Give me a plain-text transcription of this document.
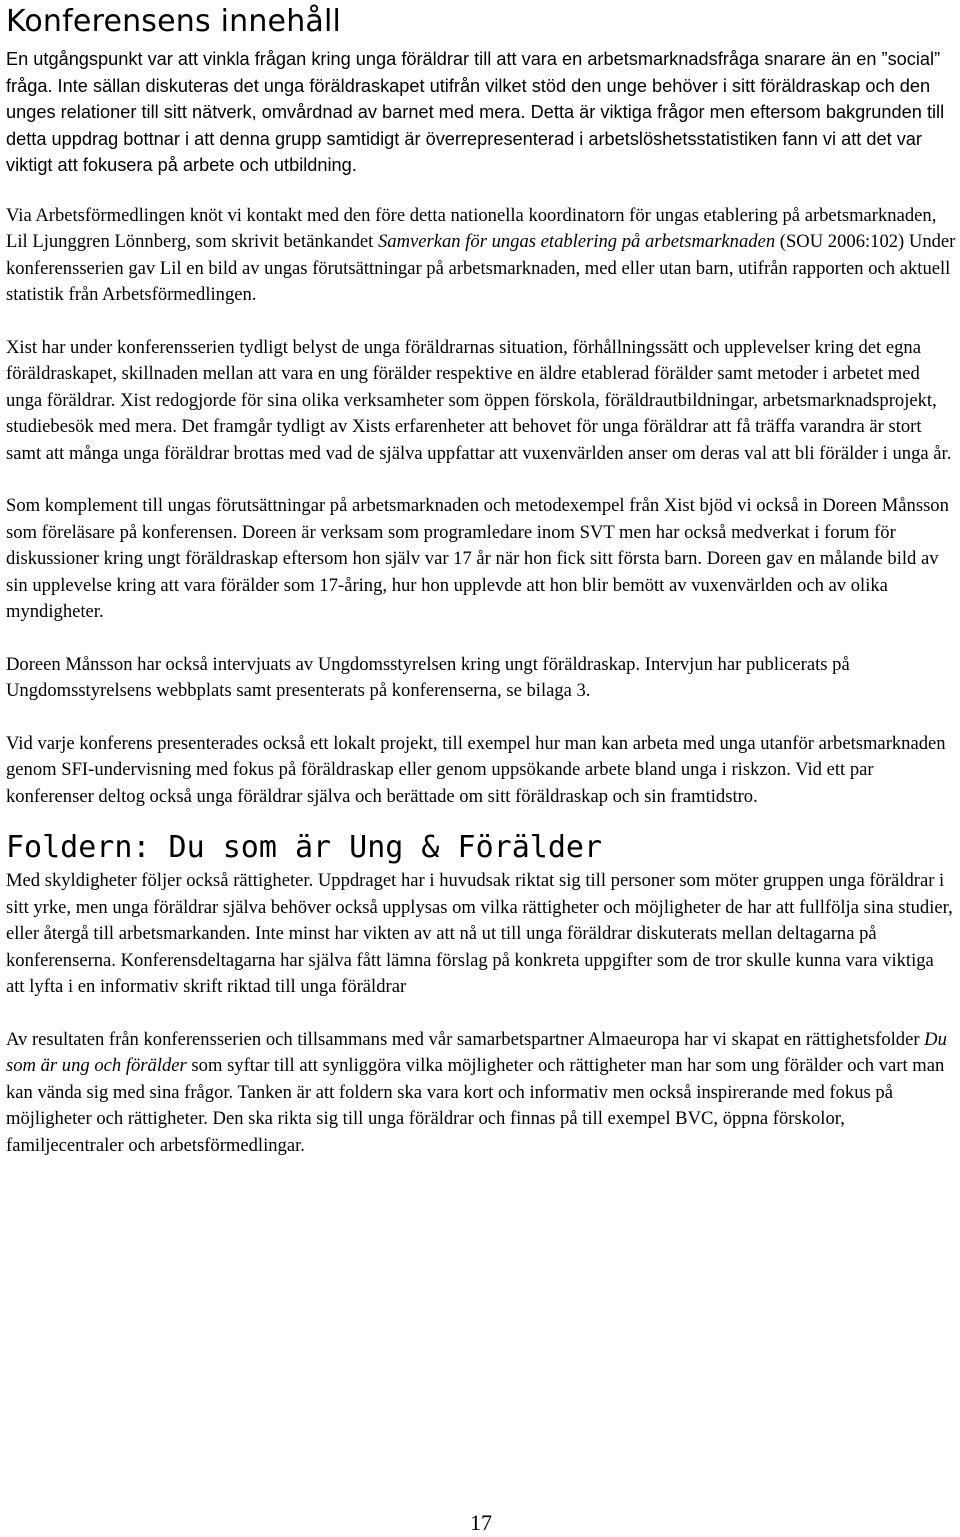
Konferensens innehåll

En utgångspunkt var att vinkla frågan kring unga föräldrar till att vara en arbetsmarknadsfråga snarare än en ”social” fråga. Inte sällan diskuteras det unga föräldraskapet utifrån vilket stöd den unge behöver i sitt föräldraskap och den unges relationer till sitt nätverk, omvårdnad av barnet med mera. Detta är viktiga frågor men eftersom bakgrunden till detta uppdrag bottnar i att denna grupp samtidigt är överrepresenterad i arbetslöshetsstatistiken fann vi att det var viktigt att fokusera på arbete och utbildning.

Via Arbetsförmedlingen knöt vi kontakt med den före detta nationella koordinatorn för ungas etablering på arbetsmarknaden, Lil Ljunggren Lönnberg, som skrivit betänkandet Samverkan för ungas etablering på arbetsmarknaden (SOU 2006:102) Under konferensserien gav Lil en bild av ungas förutsättningar på arbetsmarknaden, med eller utan barn, utifrån rapporten och aktuell statistik från Arbetsförmedlingen.

Xist har under konferensserien tydligt belyst de unga föräldrarnas situation, förhållningssätt och upplevelser kring det egna föräldraskapet, skillnaden mellan att vara en ung förälder respektive en äldre etablerad förälder samt metoder i arbetet med unga föräldrar. Xist redogjorde för sina olika verksamheter som öppen förskola, föräldrautbildningar, arbetsmarknadsprojekt, studiebesök med mera. Det framgår tydligt av Xists erfarenheter att behovet för unga föräldrar att få träffa varandra är stort samt att många unga föräldrar brottas med vad de själva uppfattar att vuxenvärlden anser om deras val att bli förälder i unga år.

Som komplement till ungas förutsättningar på arbetsmarknaden och metodexempel från Xist bjöd vi också in Doreen Månsson som föreläsare på konferensen. Doreen är verksam som programledare inom SVT men har också medverkat i forum för diskussioner kring ungt föräldraskap eftersom hon själv var 17 år när hon fick sitt första barn. Doreen gav en målande bild av sin upplevelse kring att vara förälder som 17-åring, hur hon upplevde att hon blir bemött av vuxenvärlden och av olika myndigheter.

Doreen Månsson har också intervjuats av Ungdomsstyrelsen kring ungt föräldraskap. Intervjun har publicerats på Ungdomsstyrelsens webbplats samt presenterats på konferenserna, se bilaga 3.

Vid varje konferens presenterades också ett lokalt projekt, till exempel hur man kan arbeta med unga utanför arbetsmarknaden genom SFI-undervisning med fokus på föräldraskap eller genom uppsökande arbete bland unga i riskzon. Vid ett par konferenser deltog också unga föräldrar själva och berättade om sitt föräldraskap och sin framtidstro.

Foldern: Du som är Ung & Förälder

Med skyldigheter följer också rättigheter. Uppdraget har i huvudsak riktat sig till personer som möter gruppen unga föräldrar i sitt yrke, men unga föräldrar själva behöver också upplysas om vilka rättigheter och möjligheter de har att fullfölja sina studier, eller återgå till arbetsmarkanden. Inte minst har vikten av att nå ut till unga föräldrar diskuterats mellan deltagarna på konferenserna. Konferensdeltagarna har själva fått lämna förslag på konkreta uppgifter som de tror skulle kunna vara viktiga att lyfta i en informativ skrift riktad till unga föräldrar

Av resultaten från konferensserien och tillsammans med vår samarbetspartner Almaeuropa har vi skapat en rättighetsfolder Du som är ung och förälder som syftar till att synliggöra vilka möjligheter och rättigheter man har som ung förälder och vart man kan vända sig med sina frågor. Tanken är att foldern ska vara kort och informativ men också inspirerande med fokus på möjligheter och rättigheter. Den ska rikta sig till unga föräldrar och finnas på till exempel BVC, öppna förskolor, familjecentraler och arbetsförmedlingar.

17
